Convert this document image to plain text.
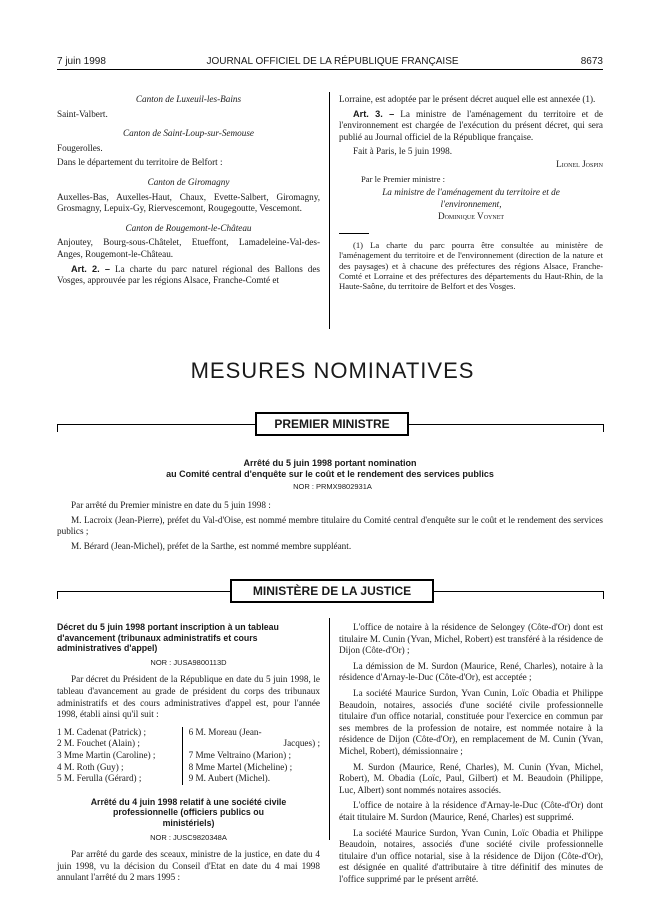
7 juin 1998	JOURNAL OFFICIEL DE LA RÉPUBLIQUE FRANÇAISE	8673

Canton de Luxeuil-les-Bains

Saint-Valbert.

Canton de Saint-Loup-sur-Semouse

Fougerolles.

Dans le département du territoire de Belfort :

Canton de Giromagny

Auxelles-Bas, Auxelles-Haut, Chaux, Evette-Salbert, Giromagny, Grosmagny, Lepuix-Gy, Riervescemont, Rougegoutte, Vescemont.

Canton de Rougemont-le-Château

Anjoutey, Bourg-sous-Châtelet, Etueffont, Lamadeleine-Val-des-Anges, Rougemont-le-Château.

Art. 2. – La charte du parc naturel régional des Ballons des Vosges, approuvée par les régions Alsace, Franche-Comté et

Lorraine, est adoptée par le présent décret auquel elle est annexée (1).

Art. 3. – La ministre de l'aménagement du territoire et de l'environnement est chargée de l'exécution du présent décret, qui sera publié au Journal officiel de la République française.

Fait à Paris, le 5 juin 1998.

Lionel Jospin

Par le Premier ministre :

La ministre de l'aménagement du territoire et de l'environnement,

Dominique Voynet

(1) La charte du parc pourra être consultée au ministère de l'aménagement du territoire et de l'environnement (direction de la nature et des paysages) et à chacune des préfectures des régions Alsace, Franche-Comté et Lorraine et des préfectures des départements du Haut-Rhin, de la Haute-Saône, du territoire de Belfort et des Vosges.

MESURES NOMINATIVES
PREMIER MINISTRE
Arrêté du 5 juin 1998 portant nomination
au Comité central d'enquête sur le coût et le rendement des services publics
NOR : PRMX9802931A

Par arrêté du Premier ministre en date du 5 juin 1998 :

M. Lacroix (Jean-Pierre), préfet du Val-d'Oise, est nommé membre titulaire du Comité central d'enquête sur le coût et le rendement des services publics ;

M. Bérard (Jean-Michel), préfet de la Sarthe, est nommé membre suppléant.

MINISTÈRE DE LA JUSTICE

Décret du 5 juin 1998 portant inscription à un tableau d'avancement (tribunaux administratifs et cours administratives d'appel)

NOR : JUSA9800113D

Par décret du Président de la République en date du 5 juin 1998, le tableau d'avancement au grade de président du corps des tribunaux administratifs et des cours administratives d'appel est, pour l'année 1998, établi ainsi qu'il suit :

1 M. Cadenat (Patrick) ;
2 M. Fouchet (Alain) ;
3 Mme Martin (Caroline) ;
4 M. Roth (Guy) ;
5 M. Ferulla (Gérard) ;
6 M. Moreau (Jean-
Jacques) ;
7 Mme Veltraino (Marion) ;
8 Mme Martel (Micheline) ;
9 M. Aubert (Michel).

Arrêté du 4 juin 1998 relatif à une société civile professionnelle (officiers publics ou ministériels)

NOR : JUSC9820348A

Par arrêté du garde des sceaux, ministre de la justice, en date du 4 juin 1998, vu la décision du Conseil d'Etat en date du 4 mai 1998 annulant l'arrêté du 2 mars 1995 :

L'office de notaire à la résidence de Selongey (Côte-d'Or) dont est titulaire M. Cunin (Yvan, Michel, Robert) est transféré à la résidence de Dijon (Côte-d'Or) ;

La démission de M. Surdon (Maurice, René, Charles), notaire à la résidence d'Arnay-le-Duc (Côte-d'Or), est acceptée ;

La société Maurice Surdon, Yvan Cunin, Loïc Obadia et Philippe Beaudoin, notaires, associés d'une société civile professionnelle titulaire d'un office notarial, constituée pour l'exercice en commun par ses membres de la profession de notaire, est nommée notaire à la résidence de Dijon (Côte-d'Or), en remplacement de M. Cunin (Yvan, Michel, Robert), démissionnaire ;

M. Surdon (Maurice, René, Charles), M. Cunin (Yvan, Michel, Robert), M. Obadia (Loïc, Paul, Gilbert) et M. Beaudoin (Philippe, Luc, Albert) sont nommés notaires associés.

L'office de notaire à la résidence d'Arnay-le-Duc (Côte-d'Or) dont était titulaire M. Surdon (Maurice, René, Charles) est supprimé.

La société Maurice Surdon, Yvan Cunin, Loïc Obadia et Philippe Beaudoin, notaires, associés d'une société civile professionnelle titulaire d'un office notarial, sise à la résidence de Dijon (Côte-d'Or), est désignée en qualité d'attributaire à titre définitif des minutes de l'office supprimé par le présent arrêté.
